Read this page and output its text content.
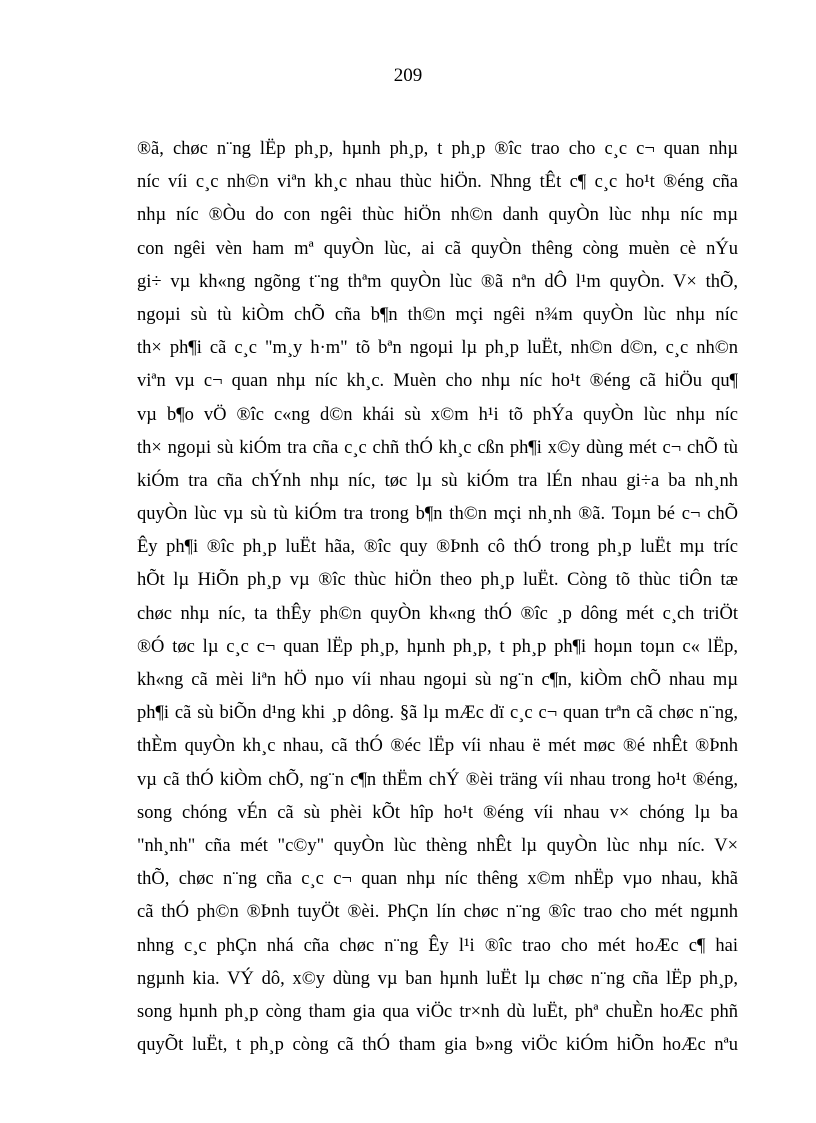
209
®ã, chøc n¨ng lËp ph¸p, hµnh ph¸p, t ph¸p ®îc trao cho c¸c c¬ quan nhµ
níc víi c¸c nh©n viªn kh¸c nhau thùc hiÖn. Nhng tÊt c¶ c¸c ho¹t ®éng cña
nhµ níc ®Òu do con ngêi thùc hiÖn nh©n danh quyÒn lùc nhµ níc mµ
con ngêi vèn ham mª quyÒn lùc, ai cã quyÒn thêng còng muèn cè nÝu
gi÷ vµ kh«ng ngõng t¨ng thªm quyÒn lùc ®ã nªn dÔ l¹m quyÒn. V× thÕ,
ngoµi sù tù kiÒm chÕ cña b¶n th©n mçi ngêi n¾m quyÒn lùc nhµ níc
th× ph¶i cã c¸c "m¸y h·m" tõ bªn ngoµi lµ ph¸p luËt, nh©n d©n, c¸c nh©n
viªn vµ c¬ quan nhµ níc kh¸c. Muèn cho nhµ níc ho¹t ®éng cã hiÖu qu¶
vµ b¶o vÖ ®îc c«ng d©n khái sù x©m h¹i tõ phÝa quyÒn lùc nhµ níc
th× ngoµi sù kiÓm tra cña c¸c chñ thÓ kh¸c cßn ph¶i x©y dùng mét c¬ chÕ tù
kiÓm tra cña chÝnh nhµ níc, tøc lµ sù kiÓm tra lÉn nhau gi÷a ba nh¸nh
quyÒn lùc vµ sù tù kiÓm tra trong b¶n th©n mçi nh¸nh ®ã. Toµn bé c¬ chÕ
Êy ph¶i ®îc ph¸p luËt hãa, ®îc quy ®Þnh cô thÓ trong ph¸p luËt mµ tríc
hÕt lµ HiÕn ph¸p vµ ®îc thùc hiÖn theo ph¸p luËt. Còng tõ thùc tiÔn tæ
chøc nhµ níc, ta thÊy ph©n quyÒn kh«ng thÓ ®îc ¸p dông mét c¸ch triÖt
®Ó tøc lµ c¸c c¬ quan lËp ph¸p, hµnh ph¸p, t ph¸p ph¶i hoµn toµn c« lËp,
kh«ng cã mèi liªn hÖ nµo víi nhau ngoµi sù ng¨n c¶n, kiÒm chÕ nhau mµ
ph¶i cã sù biÕn d¹ng khi ¸p dông. §ã lµ mÆc dï c¸c c¬ quan trªn cã chøc n¨ng,
thÈm quyÒn kh¸c nhau, cã thÓ ®éc lËp víi nhau ë mét møc ®é nhÊt ®Þnh
vµ cã thÓ kiÒm chÕ, ng¨n c¶n thËm chÝ ®èi träng víi nhau trong ho¹t ®éng,
song chóng vÉn cã sù phèi kÕt hîp ho¹t ®éng víi nhau v× chóng lµ ba
"nh¸nh" cña mét "c©y" quyÒn lùc thèng nhÊt lµ quyÒn lùc nhµ níc. V×
thÕ, chøc n¨ng cña c¸c c¬ quan nhµ níc thêng x©m nhËp vµo nhau, khã
cã thÓ ph©n ®Þnh tuyÖt ®èi. PhÇn lín chøc n¨ng ®îc trao cho mét ngµnh
nhng c¸c phÇn nhá cña chøc n¨ng Êy l¹i ®îc trao cho mét hoÆc c¶ hai
ngµnh kia. VÝ dô, x©y dùng vµ ban hµnh luËt lµ chøc n¨ng cña lËp ph¸p,
song hµnh ph¸p còng tham gia qua viÖc tr×nh dù luËt, phª chuÈn hoÆc phñ
quyÕt luËt, t ph¸p còng cã thÓ tham gia b»ng viÖc kiÓm hiÕn hoÆc nªu
